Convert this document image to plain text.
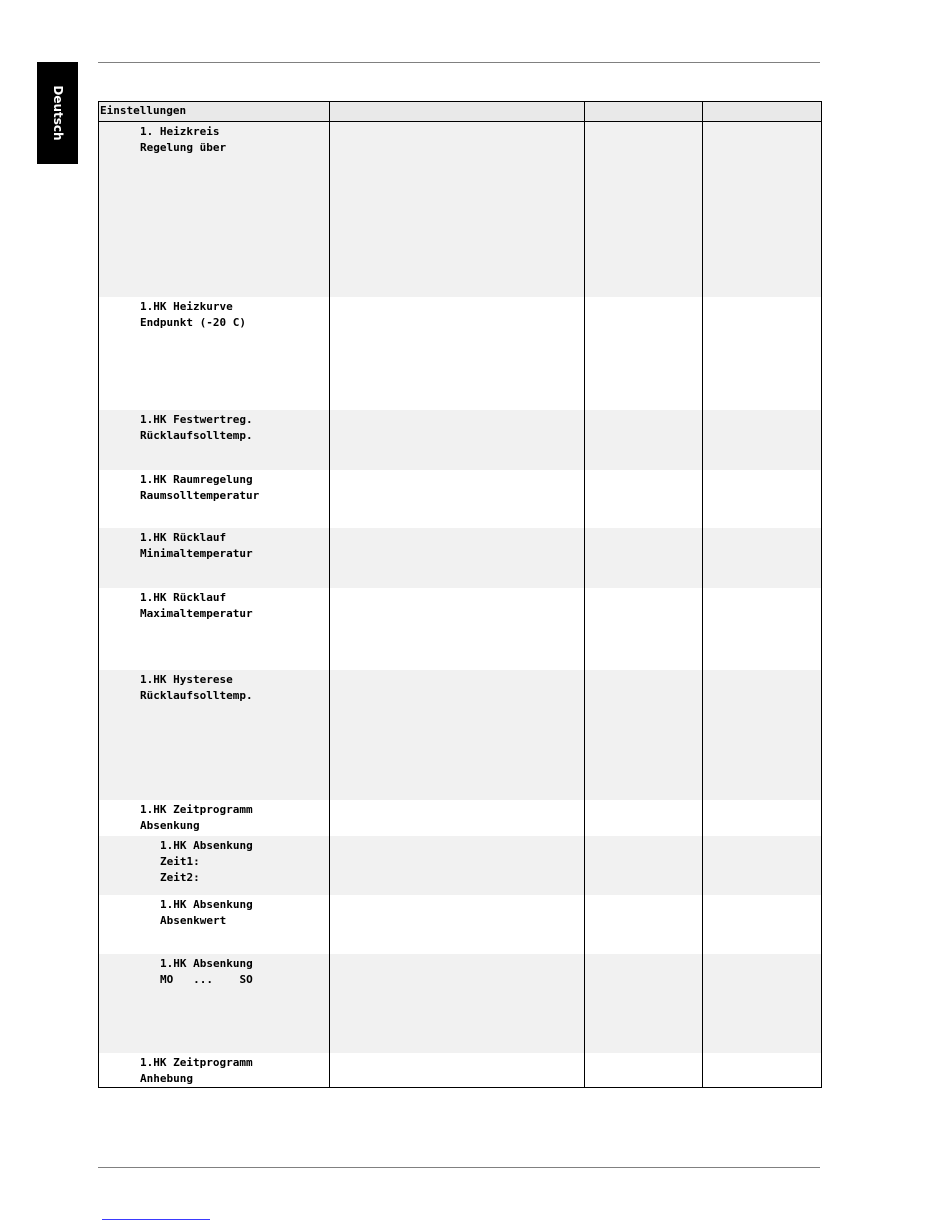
Deutsch	Einstellungen			

1. Heizkreis
Regelung über			

1.HK Heizkurve
Endpunkt (-20 C)			

1.HK Festwertreg.
Rücklaufsolltemp.			

1.HK Raumregelung
Raumsolltemperatur			

1.HK Rücklauf
Minimaltemperatur			

1.HK Rücklauf
Maximaltemperatur			

1.HK Hysterese
Rücklaufsolltemp.			

1.HK Zeitprogramm
Absenkung			

1.HK Absenkung
Zeit1:
Zeit2:			

1.HK Absenkung
Absenkwert			

1.HK Absenkung
MO   ...    SO			

1.HK Zeitprogramm
Anhebung			
